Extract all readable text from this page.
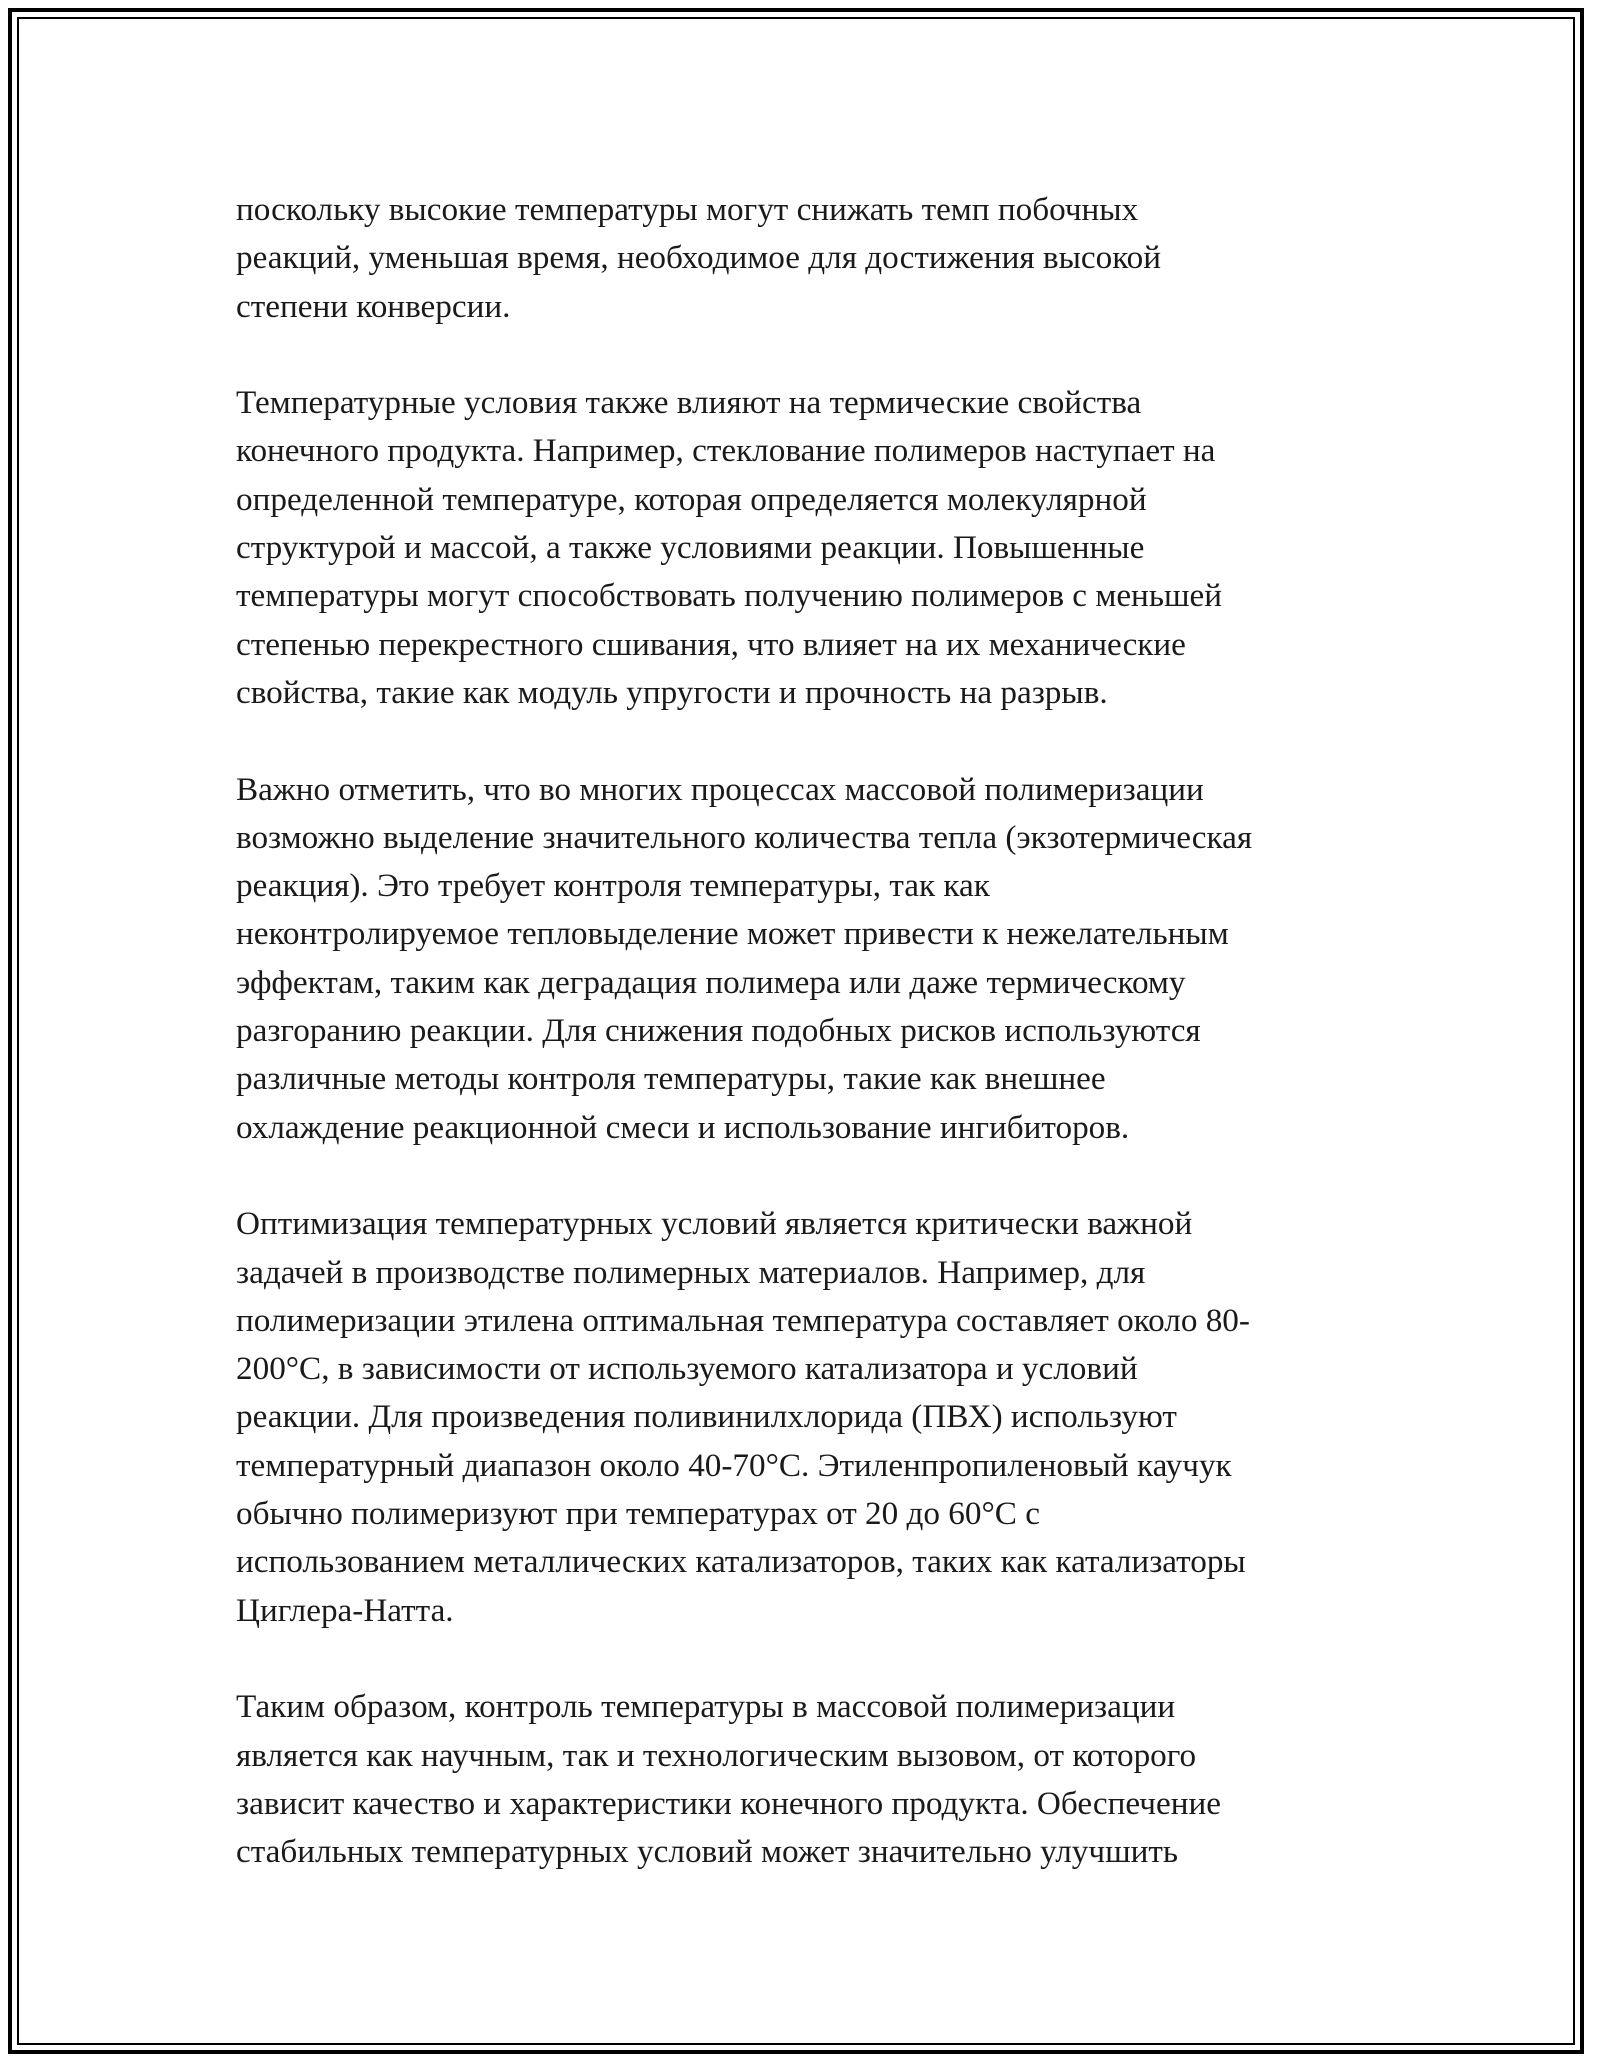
поскольку высокие температуры могут снижать темп побочных
реакций, уменьшая время, необходимое для достижения высокой
степени конверсии.

Температурные условия также влияют на термические свойства
конечного продукта. Например, стеклование полимеров наступает на
определенной температуре, которая определяется молекулярной
структурой и массой, а также условиями реакции. Повышенные
температуры могут способствовать получению полимеров с меньшей
степенью перекрестного сшивания, что влияет на их механические
свойства, такие как модуль упругости и прочность на разрыв.

Важно отметить, что во многих процессах массовой полимеризации
возможно выделение значительного количества тепла (экзотермическая
реакция). Это требует контроля температуры, так как
неконтролируемое тепловыделение может привести к нежелательным
эффектам, таким как деградация полимера или даже термическому
разгоранию реакции. Для снижения подобных рисков используются
различные методы контроля температуры, такие как внешнее
охлаждение реакционной смеси и использование ингибиторов.

Оптимизация температурных условий является критически важной
задачей в производстве полимерных материалов. Например, для
полимеризации этилена оптимальная температура составляет около 80-
200°C, в зависимости от используемого катализатора и условий
реакции. Для произведения поливинилхлорида (ПВХ) используют
температурный диапазон около 40-70°C. Этиленпропиленовый каучук
обычно полимеризуют при температурах от 20 до 60°C с
использованием металлических катализаторов, таких как катализаторы
Циглера-Натта.

Таким образом, контроль температуры в массовой полимеризации
является как научным, так и технологическим вызовом, от которого
зависит качество и характеристики конечного продукта. Обеспечение
стабильных температурных условий может значительно улучшить
